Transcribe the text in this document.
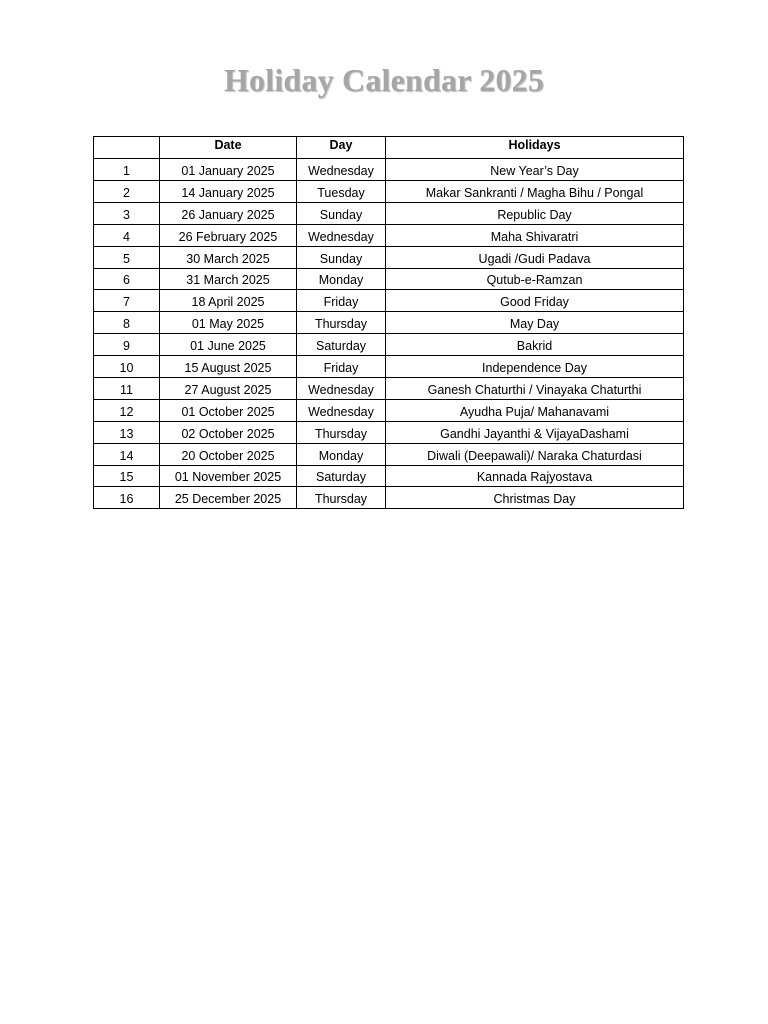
Holiday Calendar 2025
	Date	Day	Holidays
1	01 January 2025	Wednesday	New Year’s Day
2	14 January 2025	Tuesday	Makar Sankranti / Magha Bihu / Pongal
3	26 January 2025	Sunday	Republic Day
4	26 February 2025	Wednesday	Maha Shivaratri
5	30 March 2025	Sunday	Ugadi /Gudi Padava
6	31 March 2025	Monday	Qutub-e-Ramzan
7	18 April 2025	Friday	Good Friday
8	01 May 2025	Thursday	May Day
9	01 June 2025	Saturday	Bakrid
10	15 August 2025	Friday	Independence Day
11	27 August 2025	Wednesday	Ganesh Chaturthi / Vinayaka Chaturthi
12	01 October 2025	Wednesday	Ayudha Puja/ Mahanavami
13	02 October 2025	Thursday	Gandhi Jayanthi & VijayaDashami
14	20 October 2025	Monday	Diwali (Deepawali)/ Naraka Chaturdasi
15	01 November 2025	Saturday	Kannada Rajyostava
16	25 December 2025	Thursday	Christmas Day
